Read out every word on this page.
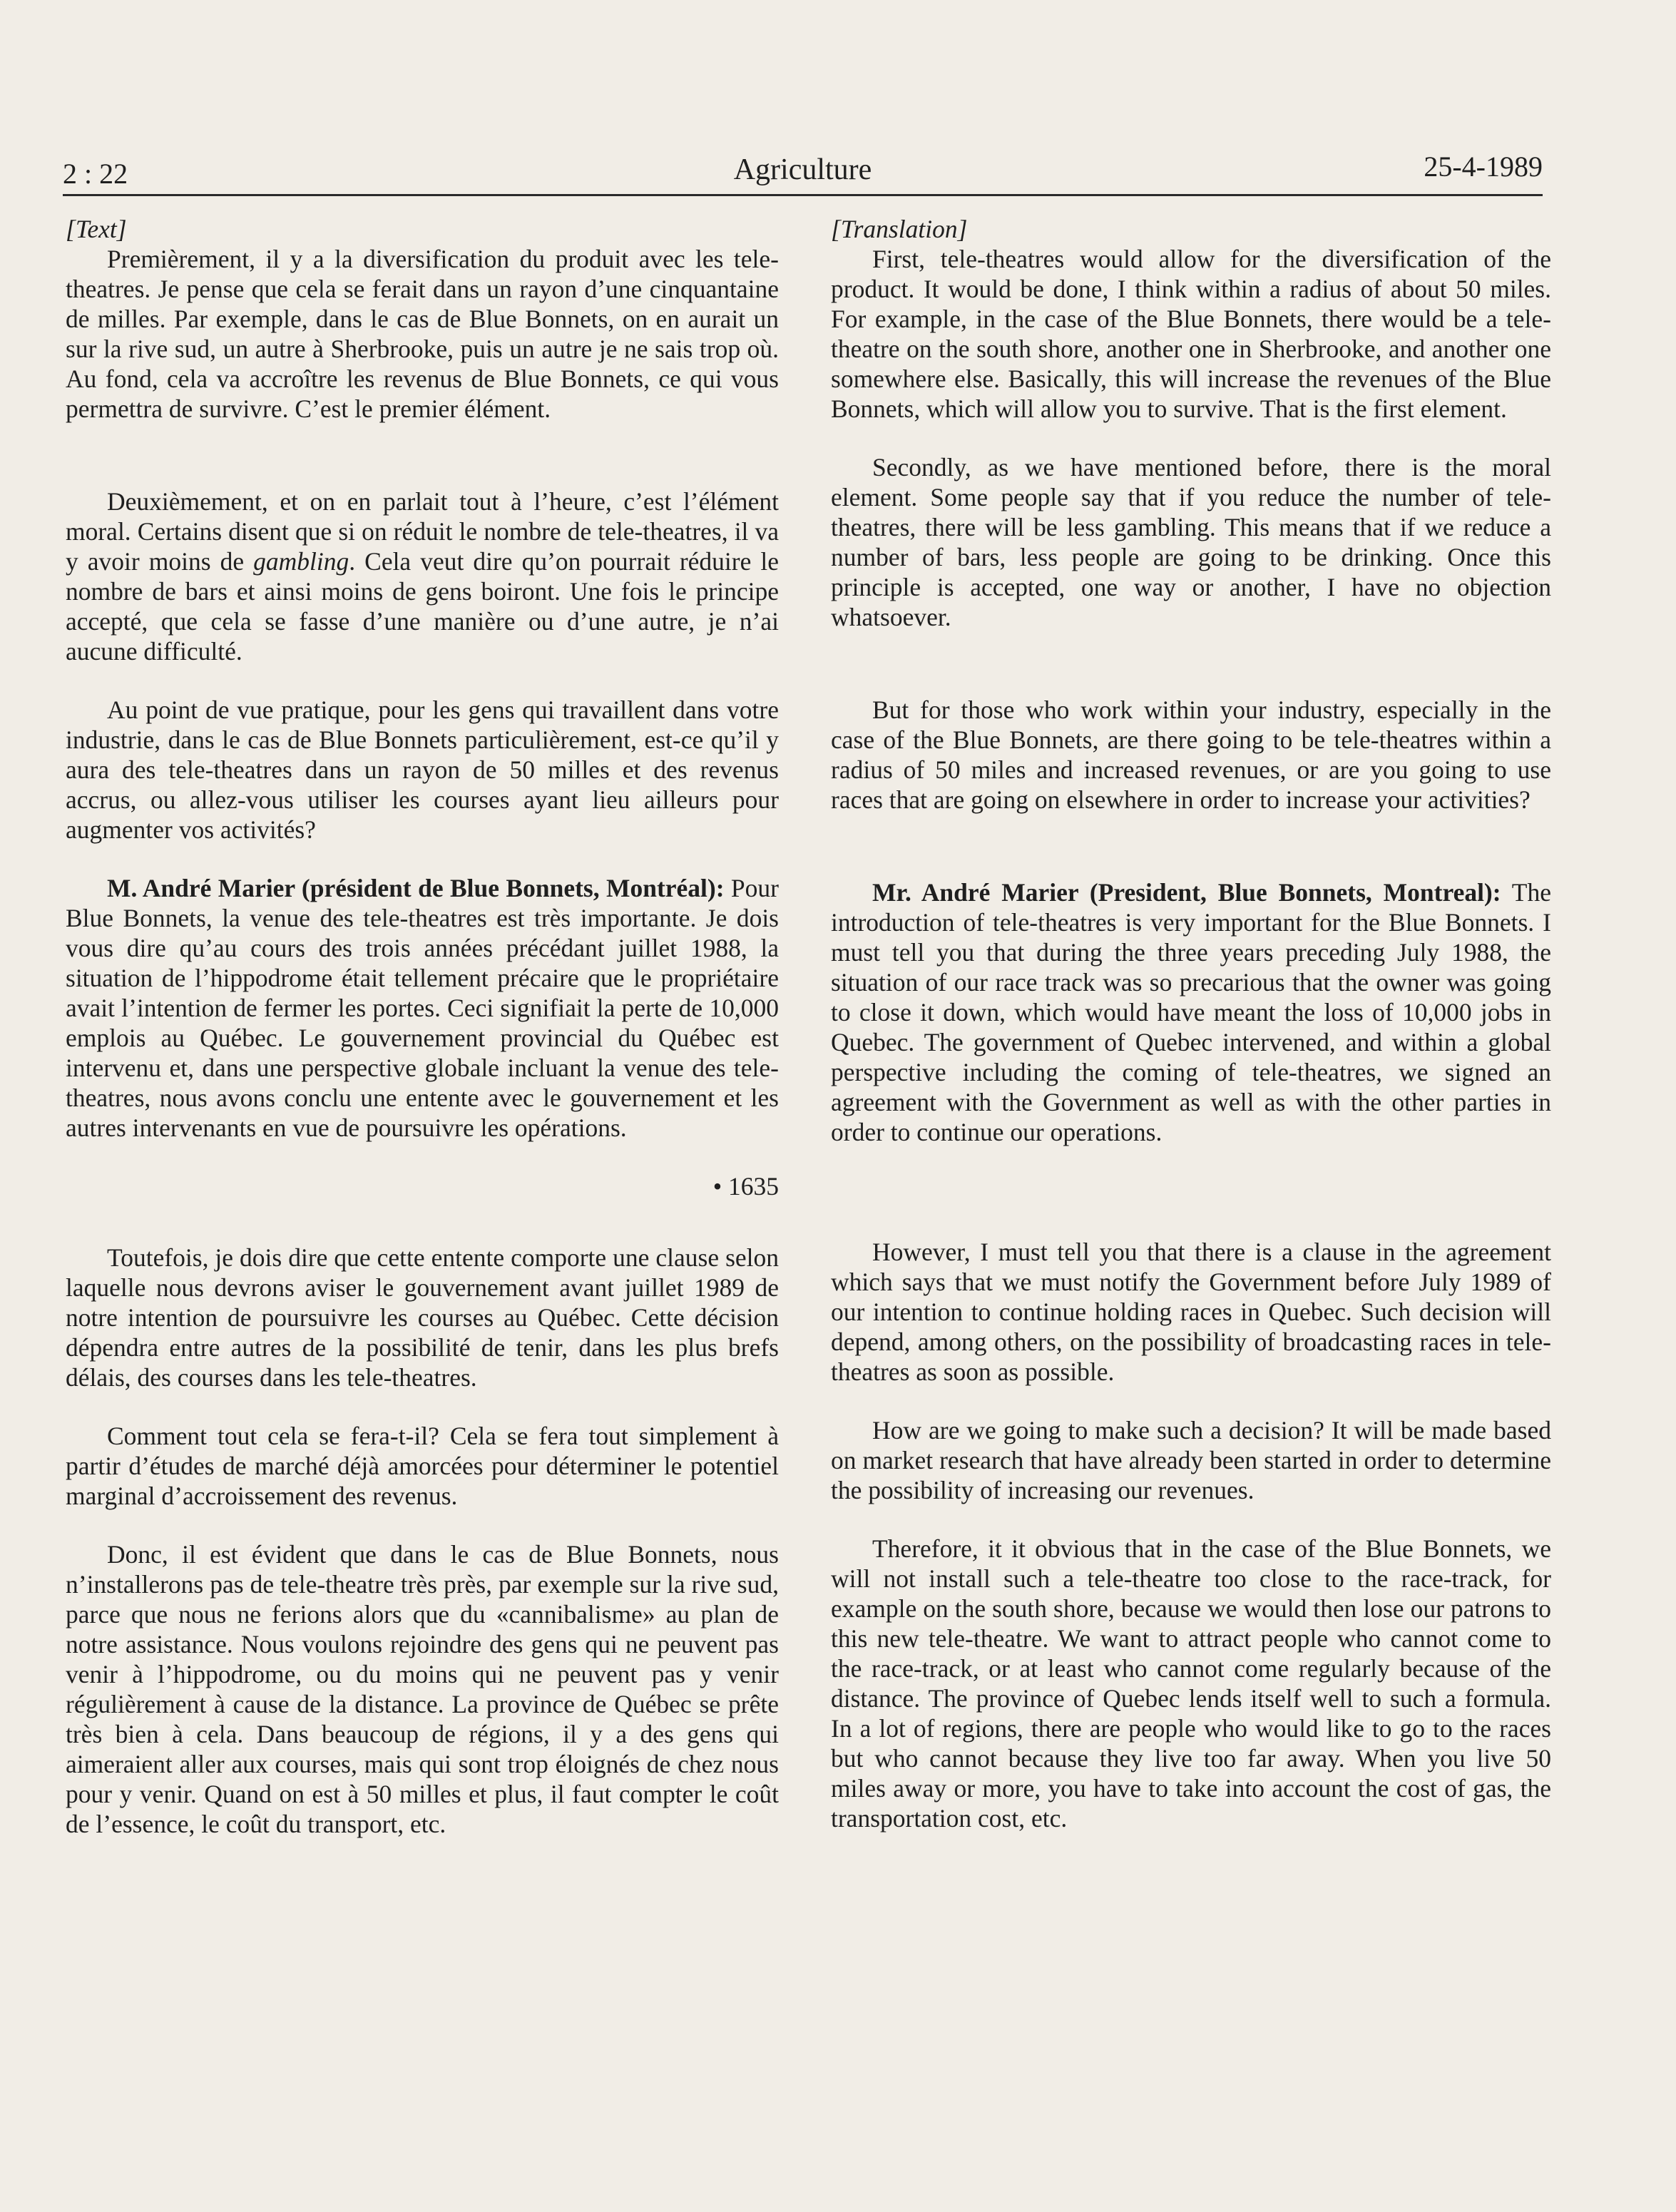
2 : 22	Agriculture	25-4-1989

[Text]

Premièrement, il y a la diversification du produit avec les tele-theatres. Je pense que cela se ferait dans un rayon d’une cinquantaine de milles. Par exemple, dans le cas de Blue Bonnets, on en aurait un sur la rive sud, un autre à Sherbrooke, puis un autre je ne sais trop où. Au fond, cela va accroître les revenus de Blue Bonnets, ce qui vous permettra de survivre. C’est le premier élément.

Deuxièmement, et on en parlait tout à l’heure, c’est l’élément moral. Certains disent que si on réduit le nombre de tele-theatres, il va y avoir moins de gambling. Cela veut dire qu’on pourrait réduire le nombre de bars et ainsi moins de gens boiront. Une fois le principe accepté, que cela se fasse d’une manière ou d’une autre, je n’ai aucune difficulté.

Au point de vue pratique, pour les gens qui travaillent dans votre industrie, dans le cas de Blue Bonnets particulièrement, est-ce qu’il y aura des tele-theatres dans un rayon de 50 milles et des revenus accrus, ou allez-vous utiliser les courses ayant lieu ailleurs pour augmenter vos activités?

M. André Marier (président de Blue Bonnets, Montréal): Pour Blue Bonnets, la venue des tele-theatres est très importante. Je dois vous dire qu’au cours des trois années précédant juillet 1988, la situation de l’hippodrome était tellement précaire que le propriétaire avait l’intention de fermer les portes. Ceci signifiait la perte de 10,000 emplois au Québec. Le gouvernement provincial du Québec est intervenu et, dans une perspective globale incluant la venue des tele-theatres, nous avons conclu une entente avec le gouvernement et les autres intervenants en vue de poursuivre les opérations.

• 1635

Toutefois, je dois dire que cette entente comporte une clause selon laquelle nous devrons aviser le gouvernement avant juillet 1989 de notre intention de poursuivre les courses au Québec. Cette décision dépendra entre autres de la possibilité de tenir, dans les plus brefs délais, des courses dans les tele-theatres.

Comment tout cela se fera-t-il? Cela se fera tout simplement à partir d’études de marché déjà amorcées pour déterminer le potentiel marginal d’accroissement des revenus.

Donc, il est évident que dans le cas de Blue Bonnets, nous n’installerons pas de tele-theatre très près, par exemple sur la rive sud, parce que nous ne ferions alors que du «cannibalisme» au plan de notre assistance. Nous voulons rejoindre des gens qui ne peuvent pas venir à l’hippodrome, ou du moins qui ne peuvent pas y venir régulièrement à cause de la distance. La province de Québec se prête très bien à cela. Dans beaucoup de régions, il y a des gens qui aimeraient aller aux courses, mais qui sont trop éloignés de chez nous pour y venir. Quand on est à 50 milles et plus, il faut compter le coût de l’essence, le coût du transport, etc.

[Translation]

First, tele-theatres would allow for the diversification of the product. It would be done, I think within a radius of about 50 miles. For example, in the case of the Blue Bonnets, there would be a tele-theatre on the south shore, another one in Sherbrooke, and another one somewhere else. Basically, this will increase the revenues of the Blue Bonnets, which will allow you to survive. That is the first element.

Secondly, as we have mentioned before, there is the moral element. Some people say that if you reduce the number of tele-theatres, there will be less gambling. This means that if we reduce a number of bars, less people are going to be drinking. Once this principle is accepted, one way or another, I have no objection whatsoever.

But for those who work within your industry, especially in the case of the Blue Bonnets, are there going to be tele-theatres within a radius of 50 miles and increased revenues, or are you going to use races that are going on elsewhere in order to increase your activities?

Mr. André Marier (President, Blue Bonnets, Montreal): The introduction of tele-theatres is very important for the Blue Bonnets. I must tell you that during the three years preceding July 1988, the situation of our race track was so precarious that the owner was going to close it down, which would have meant the loss of 10,000 jobs in Quebec. The government of Quebec intervened, and within a global perspective including the coming of tele-theatres, we signed an agreement with the Government as well as with the other parties in order to continue our operations.

However, I must tell you that there is a clause in the agreement which says that we must notify the Government before July 1989 of our intention to continue holding races in Quebec. Such decision will depend, among others, on the possibility of broadcasting races in tele-theatres as soon as possible.

How are we going to make such a decision? It will be made based on market research that have already been started in order to determine the possibility of increasing our revenues.

Therefore, it it obvious that in the case of the Blue Bonnets, we will not install such a tele-theatre too close to the race-track, for example on the south shore, because we would then lose our patrons to this new tele-theatre. We want to attract people who cannot come to the race-track, or at least who cannot come regularly because of the distance. The province of Quebec lends itself well to such a formula. In a lot of regions, there are people who would like to go to the races but who cannot because they live too far away. When you live 50 miles away or more, you have to take into account the cost of gas, the transportation cost, etc.
